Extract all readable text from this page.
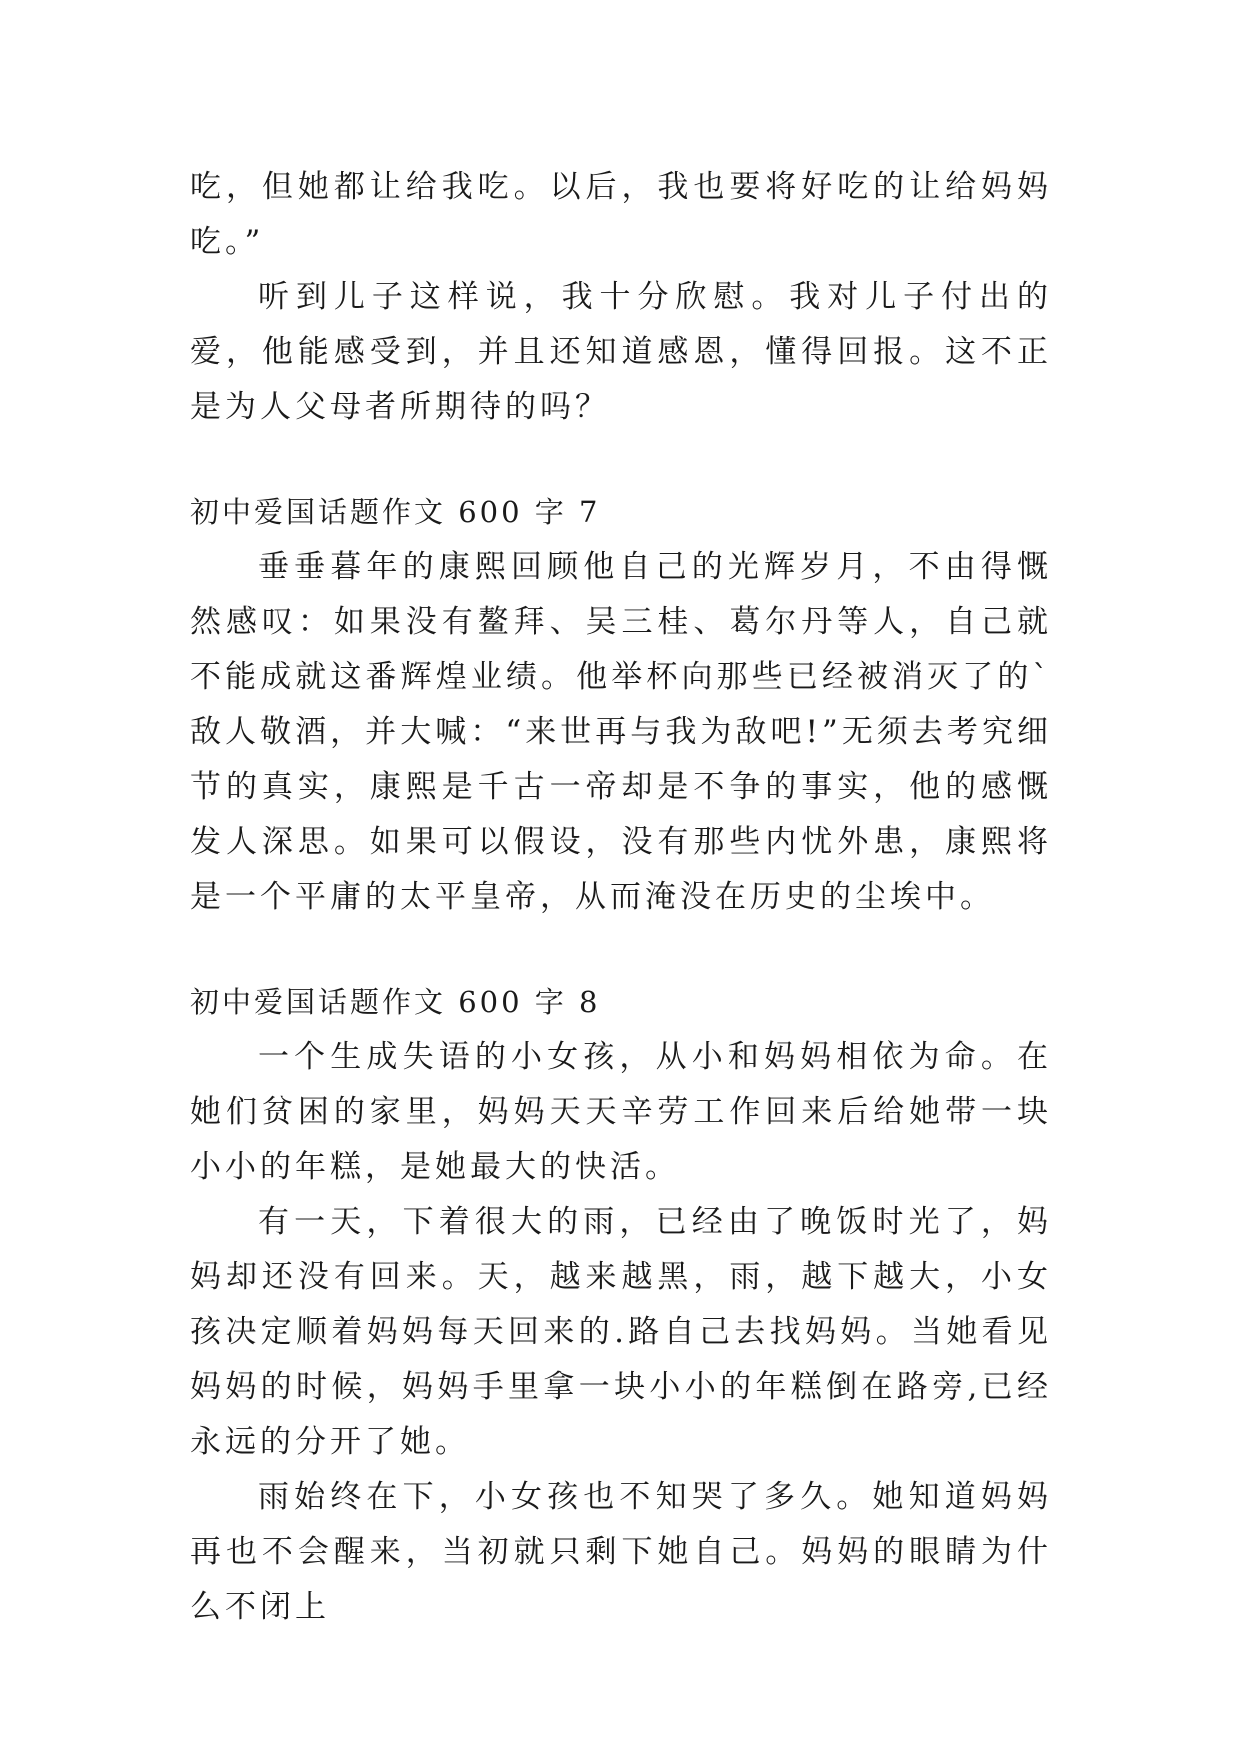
吃，但她都让给我吃。以后，我也要将好吃的让给妈妈吃。”

听到儿子这样说，我十分欣慰。我对儿子付出的爱，他能感受到，并且还知道感恩，懂得回报。这不正是为人父母者所期待的吗？

初中爱国话题作文 600 字 7

垂垂暮年的康熙回顾他自己的光辉岁月，不由得慨然感叹：如果没有鳌拜、吴三桂、葛尔丹等人，自己就不能成就这番辉煌业绩。他举杯向那些已经被消灭了的`敌人敬酒，并大喊：“来世再与我为敌吧!”无须去考究细节的真实，康熙是千古一帝却是不争的事实，他的感慨发人深思。如果可以假设，没有那些内忧外患，康熙将是一个平庸的太平皇帝，从而淹没在历史的尘埃中。

初中爱国话题作文 600 字 8

一个生成失语的小女孩，从小和妈妈相依为命。在她们贫困的家里，妈妈天天辛劳工作回来后给她带一块小小的年糕，是她最大的快活。

有一天，下着很大的雨，已经由了晚饭时光了，妈妈却还没有回来。天，越来越黑，雨，越下越大，小女孩决定顺着妈妈每天回来的.路自己去找妈妈。当她看见妈妈的时候，妈妈手里拿一块小小的年糕倒在路旁,已经永远的分开了她。

雨始终在下，小女孩也不知哭了多久。她知道妈妈再也不会醒来，当初就只剩下她自己。妈妈的眼睛为什么不闭上
